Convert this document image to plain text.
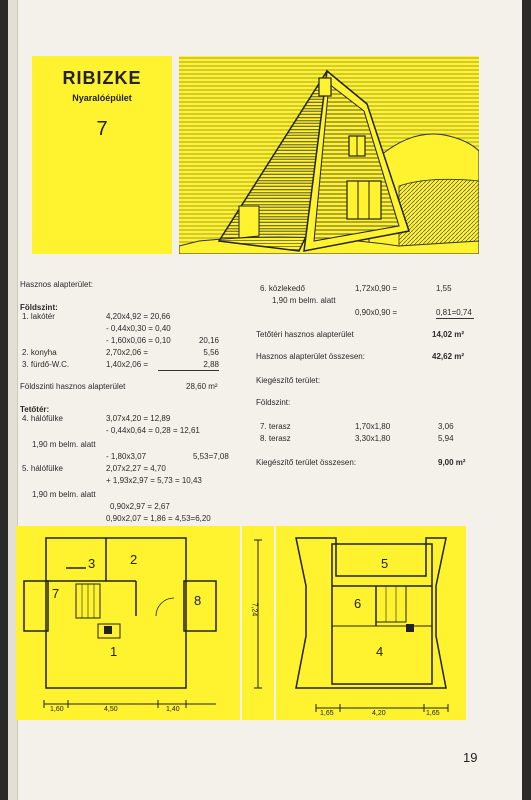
RIBIZKE
Nyaralóépület
7
Hasznos alapterület:
Földszint:
1. lakótér	4,20x4,92 = 20,66
- 0,44x0,30 = 0,40
- 1,60x0,06 = 0,10	20,16
2. konyha	2,70x2,06 =	5,56
3. fürdő-W.C.	1,40x2,06 =	2,88
Földszinti hasznos alapterület	28,60 m²
Tetőtér:
4. hálófülke	3,07x4,20 = 12,89
- 0,44x0,64 = 0,28 = 12,61
1,90 m belm. alatt
- 1,80x3,07	5,53=7,08
5. hálófülke	2,07x2,27 = 4,70
+ 1,93x2,97 = 5,73 = 10,43
1,90 m belm. alatt
0,90x2,97 = 2,67
0,90x2,07 = 1,86 = 4,53=6,20
6. közlekedő	1,72x0,90 =	1,55
1,90 m belm. alatt
0,90x0,90 =	0,81=0,74
Tetőtéri hasznos alapterület	14,02 m²
Hasznos alapterület összesen:	42,62 m²
Kiegészítő terület:
Földszint:
7. terasz	1,70x1,80	3,06
8. terasz	3,30x1,80	5,94
Kiegészítő terület összesen:	9,00 m²
3	2
7	8
1
1,60	4,50	1,40
7,24
5
6
4
1,65	4,20	1,65
19
